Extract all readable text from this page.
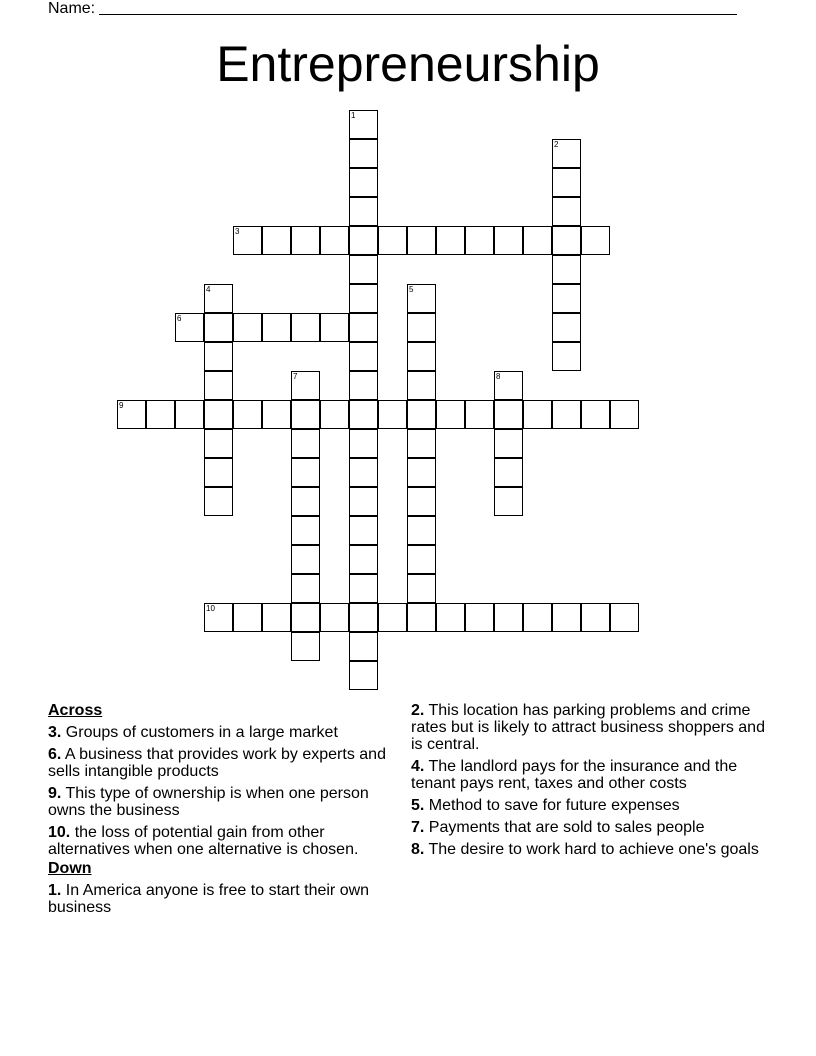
Name:
Entrepreneurship
1
2
3
4	5
6
7	8
9
10
Across
3. Groups of customers in a large market
6. A business that provides work by experts and sells intangible products
9. This type of ownership is when one person owns the business
10. the loss of potential gain from other alternatives when one alternative is chosen.
Down
1. In America anyone is free to start their own business
2. This location has parking problems and crime rates but is likely to attract business shoppers and is central.
4. The landlord pays for the insurance and the tenant pays rent, taxes and other costs
5. Method to save for future expenses
7. Payments that are sold to sales people
8. The desire to work hard to achieve one's goals
